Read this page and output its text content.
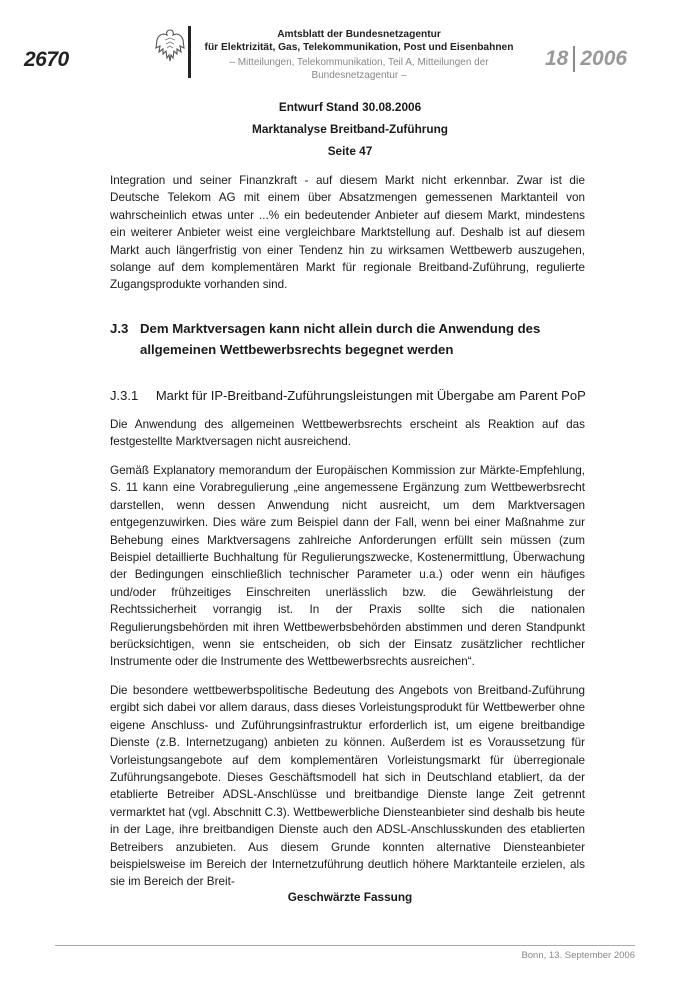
2670
Amtsblatt der Bundesnetzagentur
für Elektrizität, Gas, Telekommunikation, Post und Eisenbahnen
– Mitteilungen, Telekommunikation, Teil A, Mitteilungen der Bundesnetzagentur –
18 2006
Entwurf Stand 30.08.2006
Marktanalyse Breitband-Zuführung
Seite 47

Integration und seiner Finanzkraft - auf diesem Markt nicht erkennbar. Zwar ist die Deutsche Telekom AG mit einem über Absatzmengen gemessenen Marktanteil von wahrscheinlich etwas unter ...% ein bedeutender Anbieter auf diesem Markt, mindestens ein weiterer Anbieter weist eine vergleichbare Marktstellung auf. Deshalb ist auf diesem Markt auch längerfristig von einer Tendenz hin zu wirksamen Wettbewerb auszugehen, solange auf dem komplementären Markt für regionale Breitband-Zuführung, regulierte Zugangsprodukte vorhanden sind.

J.3 Dem Marktversagen kann nicht allein durch die Anwendung des allgemeinen Wettbewerbsrechts begegnet werden
J.3.1 Markt für IP-Breitband-Zuführungsleistungen mit Übergabe am Parent PoP

Die Anwendung des allgemeinen Wettbewerbsrechts erscheint als Reaktion auf das festgestellte Marktversagen nicht ausreichend.

Gemäß Explanatory memorandum der Europäischen Kommission zur Märkte-Empfehlung, S. 11 kann eine Vorabregulierung „eine angemessene Ergänzung zum Wettbewerbsrecht darstellen, wenn dessen Anwendung nicht ausreicht, um dem Marktversagen entgegenzuwirken. Dies wäre zum Beispiel dann der Fall, wenn bei einer Maßnahme zur Behebung eines Marktversagens zahlreiche Anforderungen erfüllt sein müssen (zum Beispiel detaillierte Buchhaltung für Regulierungszwecke, Kostenermittlung, Überwachung der Bedingungen einschließlich technischer Parameter u.a.) oder wenn ein häufiges und/oder frühzeitiges Einschreiten unerlässlich bzw. die Gewährleistung der Rechtssicherheit vorrangig ist. In der Praxis sollte sich die nationalen Regulierungsbehörden mit ihren Wettbewerbsbehörden abstimmen und deren Standpunkt berücksichtigen, wenn sie entscheiden, ob sich der Einsatz zusätzlicher rechtlicher Instrumente oder die Instrumente des Wettbewerbsrechts ausreichen“.

Die besondere wettbewerbspolitische Bedeutung des Angebots von Breitband-Zuführung ergibt sich dabei vor allem daraus, dass dieses Vorleistungsprodukt für Wettbewerber ohne eigene Anschluss- und Zuführungsinfrastruktur erforderlich ist, um eigene breitbandige Dienste (z.B. Internetzugang) anbieten zu können. Außerdem ist es Voraussetzung für Vorleistungsangebote auf dem komplementären Vorleistungsmarkt für überregionale Zuführungsangebote. Dieses Geschäftsmodell hat sich in Deutschland etabliert, da der etablierte Betreiber ADSL-Anschlüsse und breitbandige Dienste lange Zeit getrennt vermarktet hat (vgl. Abschnitt C.3). Wettbewerbliche Diensteanbieter sind deshalb bis heute in der Lage, ihre breitbandigen Dienste auch den ADSL-Anschlusskunden des etablierten Betreibers anzubieten. Aus diesem Grunde konnten alternative Diensteanbieter beispielsweise im Bereich der Internetzuführung deutlich höhere Marktanteile erzielen, als sie im Bereich der Breit-

Geschwärzte Fassung
Bonn, 13. September 2006
